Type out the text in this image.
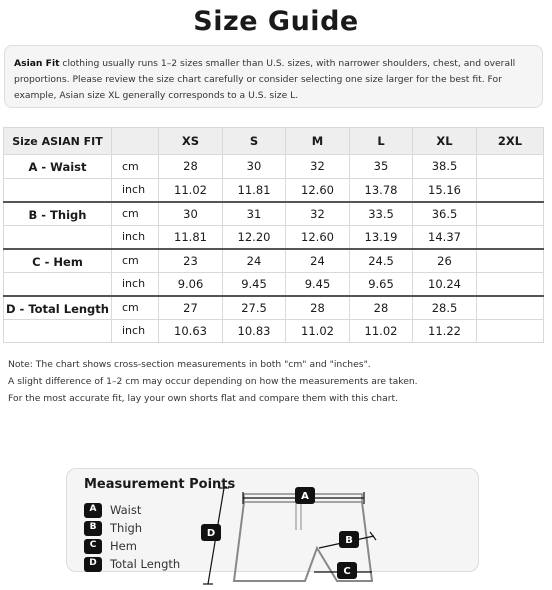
Size Guide
Asian Fit clothing usually runs 1–2 sizes smaller than U.S. sizes, with narrower shoulders, chest, and overall proportions. Please review the size chart carefully or consider selecting one size larger for the best fit. For example, Asian size XL generally corresponds to a U.S. size L.
Size ASIAN FIT		XS	S	M	L	XL	2XL
A - Waist	cm	28	30	32	35	38.5	
	inch	11.02	11.81	12.60	13.78	15.16	
B - Thigh	cm	30	31	32	33.5	36.5	
	inch	11.81	12.20	12.60	13.19	14.37	
C - Hem	cm	23	24	24	24.5	26	
	inch	9.06	9.45	9.45	9.65	10.24	
D - Total Length	cm	27	27.5	28	28	28.5	
	inch	10.63	10.83	11.02	11.02	11.22	
Note: The chart shows cross-section measurements in both "cm" and "inches".
A slight difference of 1–2 cm may occur depending on how the measurements are taken.
For the most accurate fit, lay your own shorts flat and compare them with this chart.
Measurement Points
A	Waist
B	Thigh
C	Hem
D	Total Length
A
D
B
C
